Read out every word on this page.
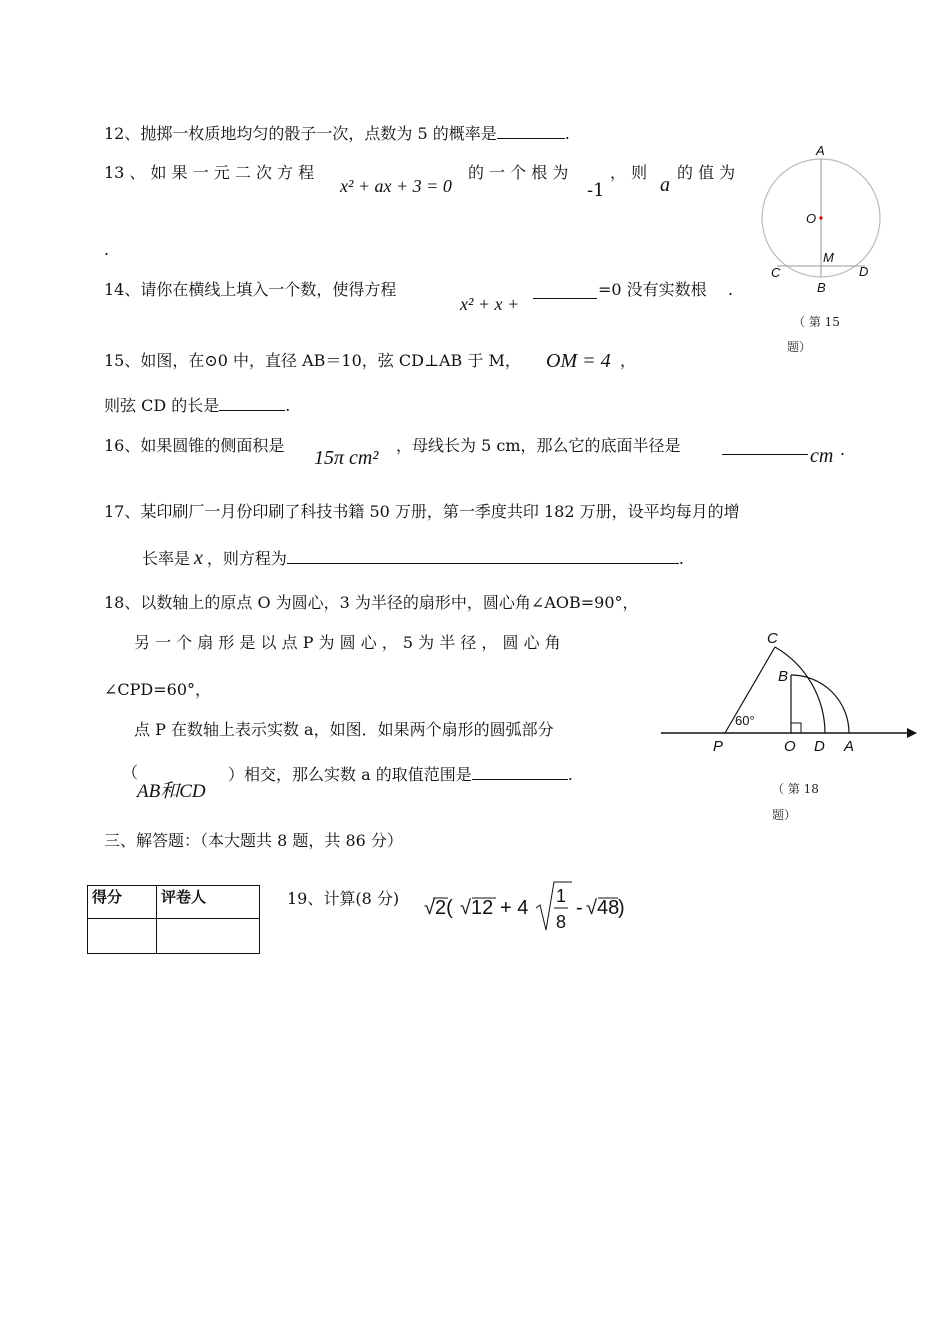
12、抛掷一枚质地均匀的骰子一次，点数为 5 的概率是	.
13 、 如 果 一 元 二 次 方 程
x² + ax + 3 = 0
的 一 个 根 为
-1
， 则
a
的 值 为
.
14、请你在横线上填入一个数，使得方程
x² + x +
=0 没有实数根 .
15、如图，在⊙0 中，直径 AB＝10，弦 CD⊥AB 于 M， OM = 4 ，
则弦 CD 的长是	.
16、如果圆锥的侧面积是
15π cm²
，母线长为 5 cm，那么它的底面半径是	cm .
17、某印刷厂一月份印刷了科技书籍 50 万册，第一季度共印 182 万册，设平均每月的增
长率是 x ，则方程为	.
18、以数轴上的原点 O 为圆心，3 为半径的扇形中，圆心角∠AOB=90°，
另 一 个 扇 形 是 以 点 P 为 圆 心 ， 5 为 半 径 ， 圆 心 角
∠CPD=60°，
点 P 在数轴上表示实数 a，如图．如果两个扇形的圆弧部分
（	）相交，那么实数 a 的取值范围是	.
AB和CD
三、解答题：（本大题共 8 题，共 86 分）
得分	评卷人
		19、计算(8 分) √2( √12 + 4
1
8
- √48
)
A
O
M
C	D
B
（ 第 15
题）
C
B
60°
P	O D A
（ 第 18
题）
